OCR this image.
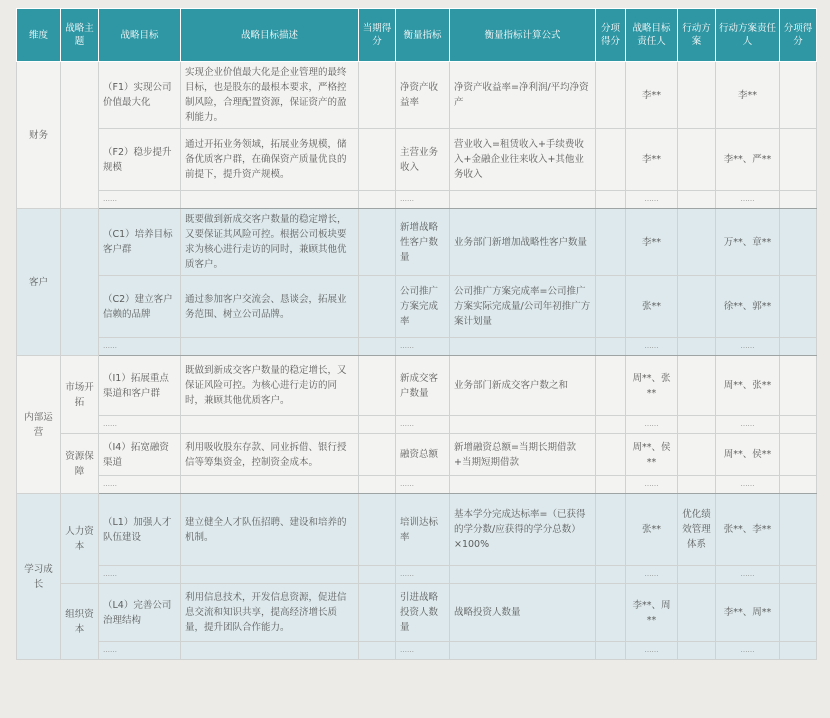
维度	战略主题	战略目标	战略目标描述	当期得分	衡量指标	衡量指标计算公式	分项得分	战略目标责任人	行动方案	行动方案责任人	分项得分
财务		（F1）实现公司价值最大化	实现企业价值最大化是企业管理的最终目标，也是股东的最根本要求，严格控制风险，合理配置资源，保证资产的盈利能力。		净资产收益率	净资产收益率=净利润/平均净资产		李**		李**	
		（F2）稳步提升规模	通过开拓业务领域，拓展业务规模，储备优质客户群，在确保资产质量优良的前提下，提升资产规模。		主营业务收入	营业收入=租赁收入+手续费收入+金融企业往来收入+其他业务收入		李**		李**、严**	
		……			……			……		……	
客户		（C1）培养目标客户群	既要做到新成交客户数量的稳定增长，又要保证其风险可控。根据公司板块要求为核心进行走访的同时，兼顾其他优质客户。		新增战略性客户数量	业务部门新增加战略性客户数量		李**		万**、章**	
		（C2）建立客户信赖的品牌	通过参加客户交流会、恳谈会，拓展业务范围、树立公司品牌。		公司推广方案完成率	公司推广方案完成率=公司推广方案实际完成量/公司年初推广方案计划量		张**		徐**、郭**	
		……			……			……		……	
内部运营	市场开拓	（I1）拓展重点渠道和客户群	既做到新成交客户数量的稳定增长，又保证风险可控。为核心进行走访的同时，兼顾其他优质客户。		新成交客户数量	业务部门新成交客户数之和		周**、张**		周**、张**	
		……			……			……		……	
	资源保障	（I4）拓宽融资渠道	利用吸收股东存款、同业拆借、银行授信等筹集资金，控制资金成本。		融资总额	新增融资总额=当期长期借款+当期短期借款		周**、侯**		周**、侯**	
		……			……			……		……	
学习成长	人力资本	（L1）加强人才队伍建设	建立健全人才队伍招聘、建设和培养的机制。		培训达标率	基本学分完成达标率=（已获得的学分数/应获得的学分总数）×100%		张**	优化绩效管理体系	张**、李**	
		……			……			……		……	
	组织资本	（L4）完善公司治理结构	利用信息技术，开发信息资源，促进信息交流和知识共享，提高经济增长质量，提升团队合作能力。		引进战略投资人数量	战略投资人数量		李**、周**		李**、周**	
		……			……			……		……	
